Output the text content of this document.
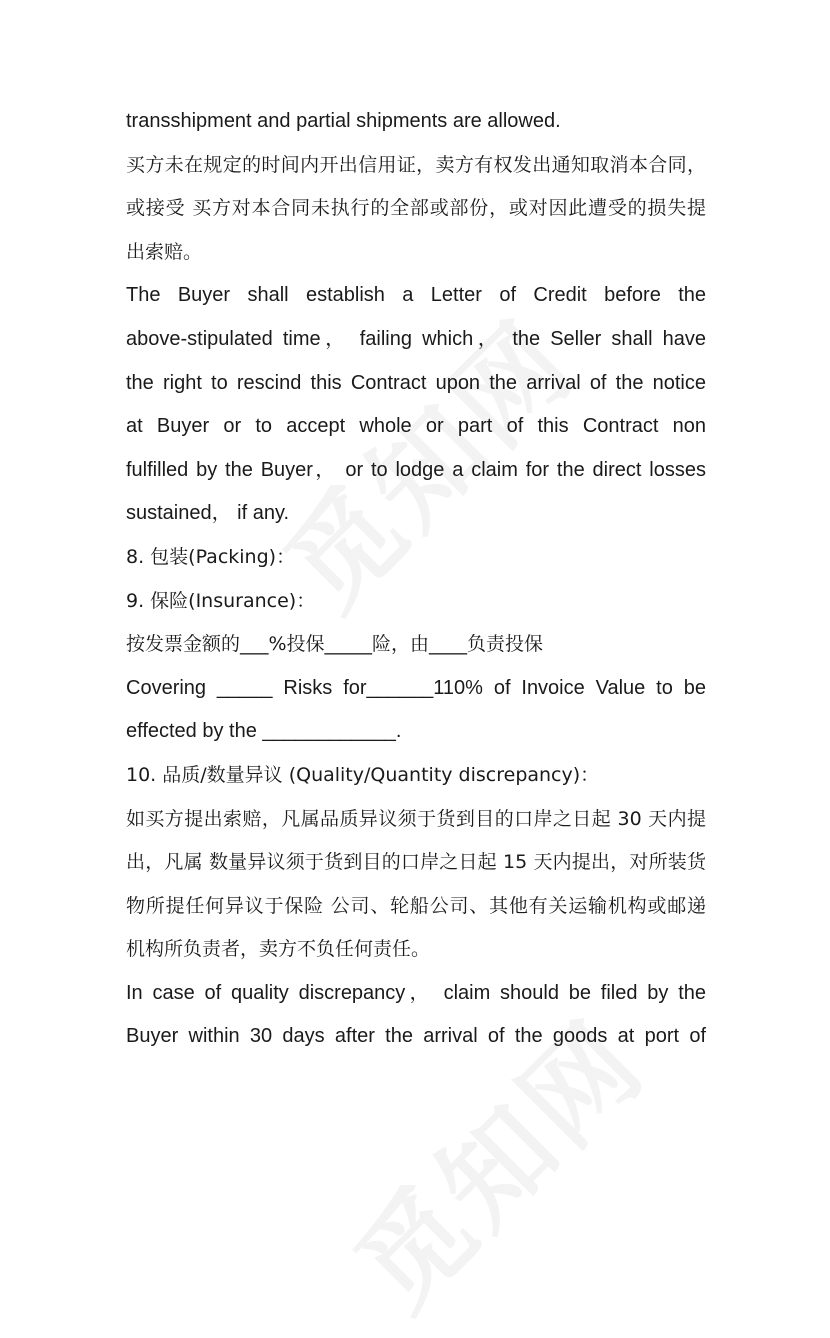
transshipment and partial shipments are allowed.
买方未在规定的时间内开出信用证，卖方有权发出通知取消本合同，
或接受 买方对本合同未执行的全部或部份，或对因此遭受的损失提
出索赔。
The Buyer shall establish a Letter of Credit before the
above-stipulated time， failing which， the Seller shall have
the right to rescind this Contract upon the arrival of the notice
at Buyer or to accept whole or part of this Contract non
fulfilled by the Buyer， or to lodge a claim for the direct losses
sustained， if any.
8. 包装(Packing)：
9. 保险(Insurance)：
按发票金额的___%投保_____险，由____负责投保
Covering _____ Risks for______110% of Invoice Value to be
effected by the ____________.
10. 品质/数量异议 (Quality/Quantity discrepancy)：
如买方提出索赔，凡属品质异议须于货到目的口岸之日起 30 天内提
出，凡属 数量异议须于货到目的口岸之日起 15 天内提出，对所装货
物所提任何异议于保险 公司、轮船公司、其他有关运输机构或邮递
机构所负责者，卖方不负任何责任。
In case of quality discrepancy， claim should be filed by the
Buyer within 30 days after the arrival of the goods at port of
